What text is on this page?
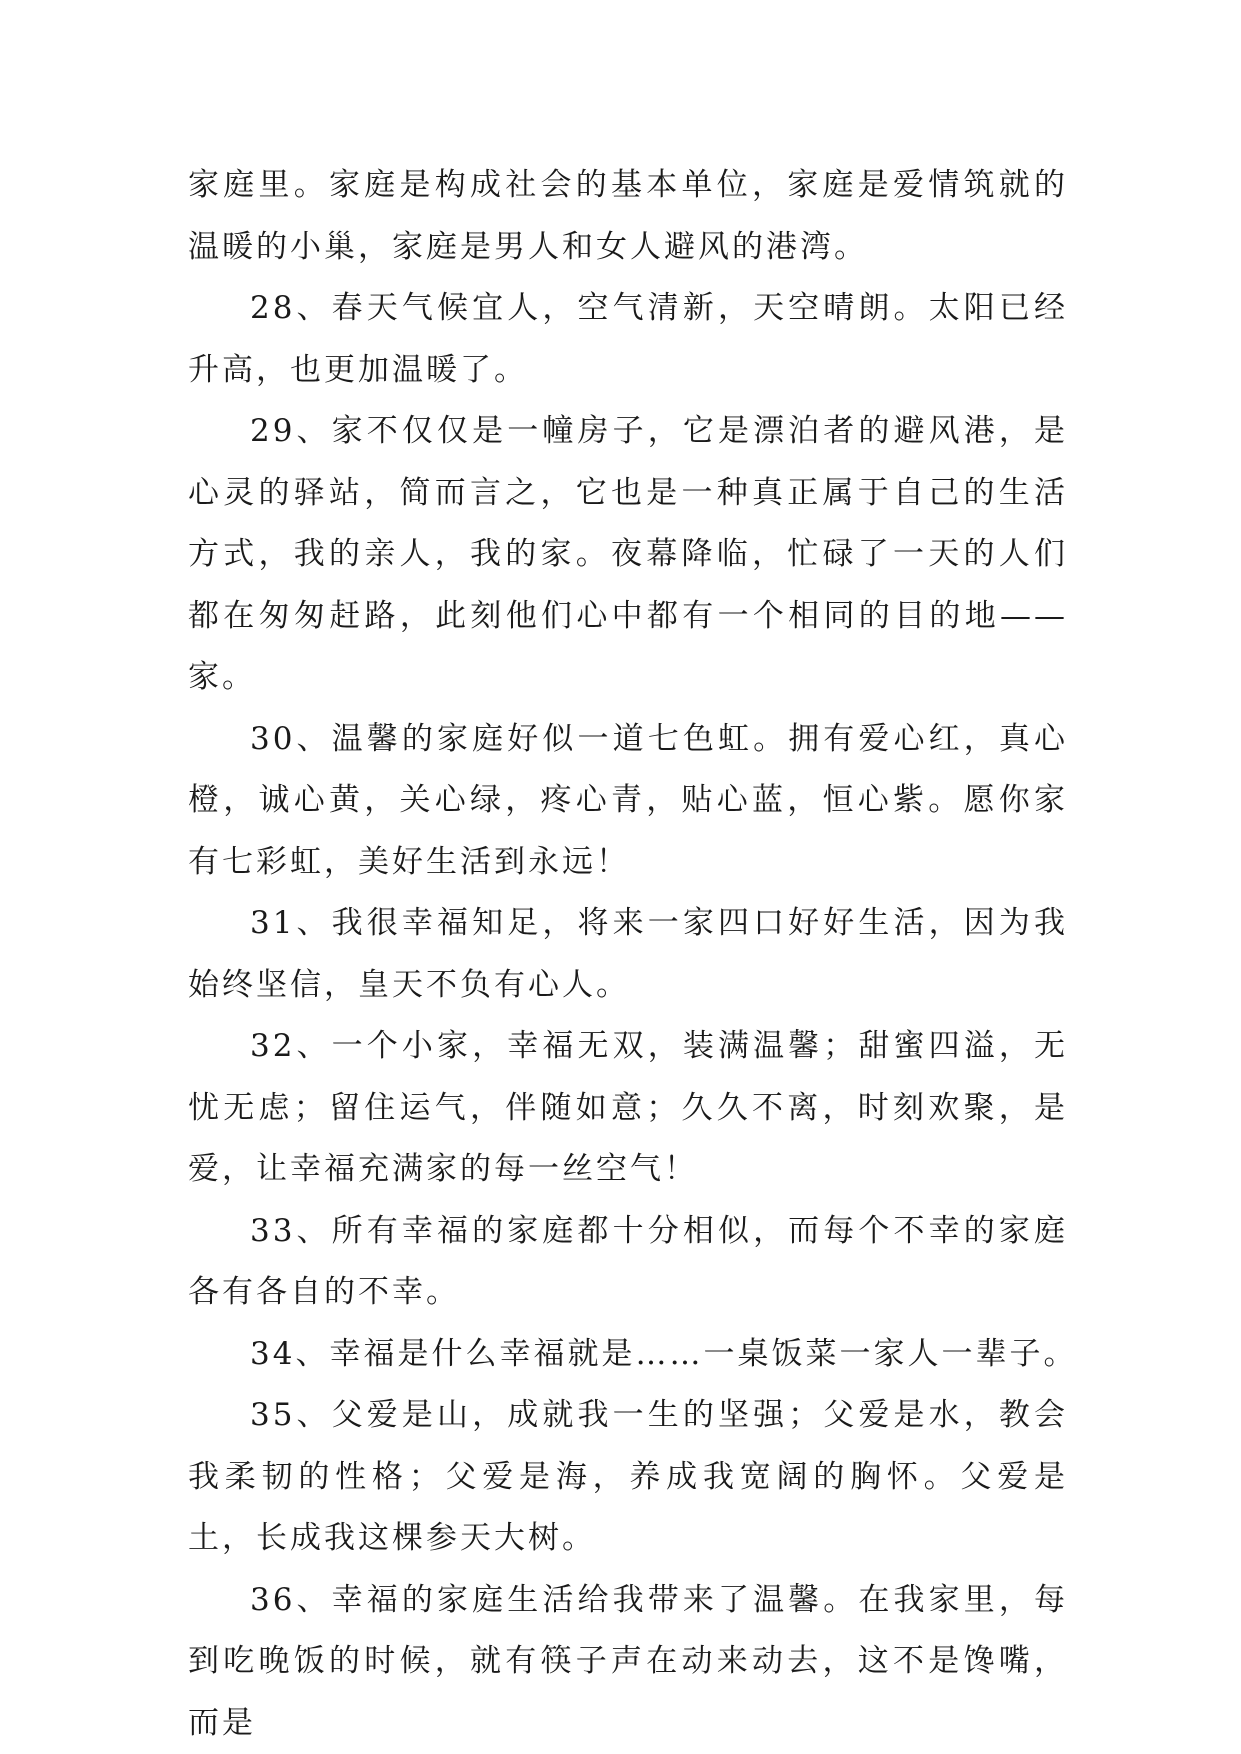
家庭里。家庭是构成社会的基本单位，家庭是爱情筑就的温暖的小巢，家庭是男人和女人避风的港湾。

28、春天气候宜人，空气清新，天空晴朗。太阳已经升高，也更加温暖了。

29、家不仅仅是一幢房子，它是漂泊者的避风港，是心灵的驿站，简而言之，它也是一种真正属于自己的生活方式，我的亲人，我的家。夜幕降临，忙碌了一天的人们都在匆匆赶路，此刻他们心中都有一个相同的目的地——家。

30、温馨的家庭好似一道七色虹。拥有爱心红，真心橙，诚心黄，关心绿，疼心青，贴心蓝，恒心紫。愿你家有七彩虹，美好生活到永远！

31、我很幸福知足，将来一家四口好好生活，因为我始终坚信，皇天不负有心人。

32、一个小家，幸福无双，装满温馨；甜蜜四溢，无忧无虑；留住运气，伴随如意；久久不离，时刻欢聚，是爱，让幸福充满家的每一丝空气！

33、所有幸福的家庭都十分相似，而每个不幸的家庭各有各自的不幸。

34、幸福是什么幸福就是……一桌饭菜一家人一辈子。

35、父爱是山，成就我一生的坚强；父爱是水，教会我柔韧的性格；父爱是海，养成我宽阔的胸怀。父爱是土，长成我这棵参天大树。

36、幸福的家庭生活给我带来了温馨。在我家里，每到吃晚饭的时候，就有筷子声在动来动去，这不是馋嘴，而是
